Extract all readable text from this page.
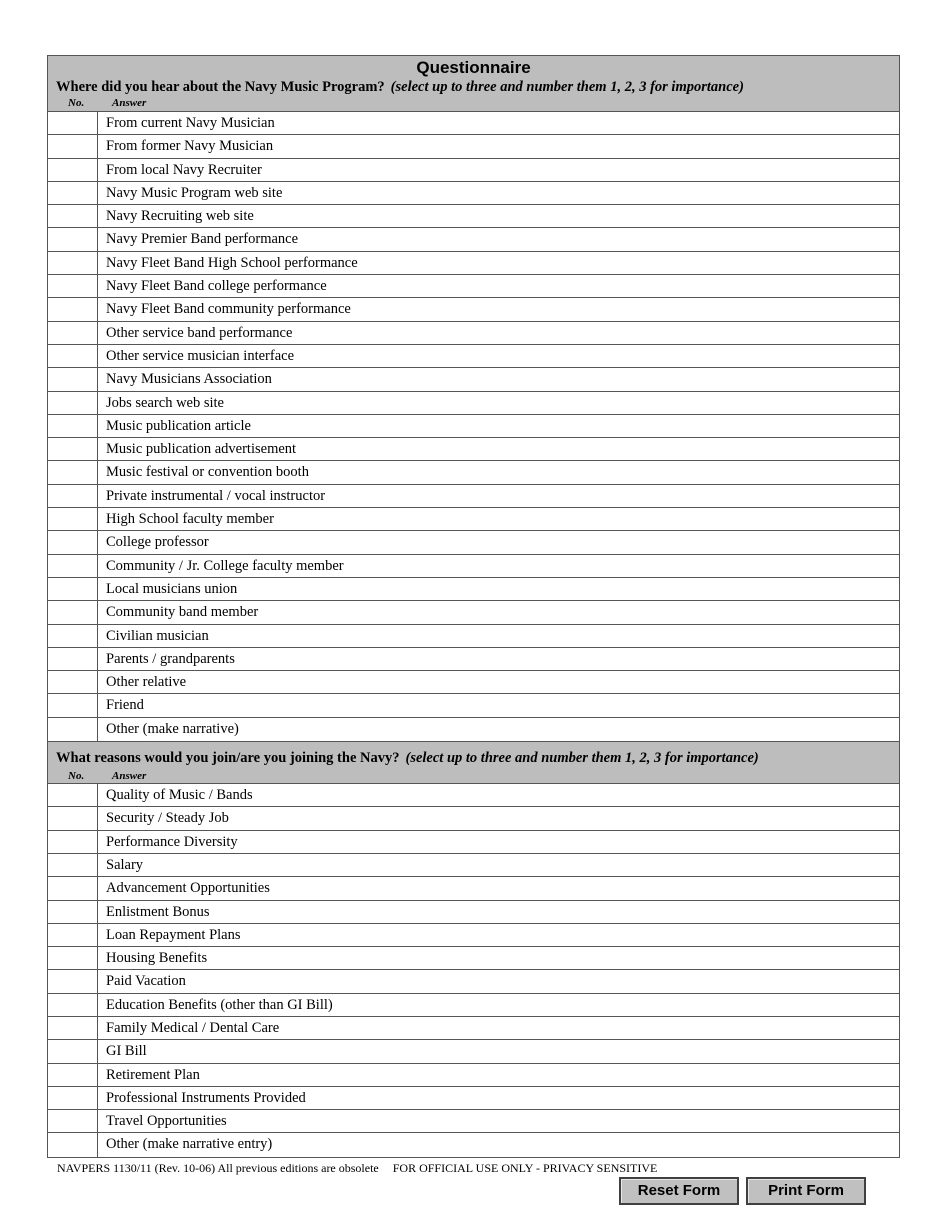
Questionnaire
Where did you hear about the Navy Music Program? (select up to three and number them 1, 2, 3 for importance)
No.	Answer
From current Navy Musician
From former Navy Musician
From local Navy Recruiter
Navy Music Program web site
Navy Recruiting web site
Navy Premier Band performance
Navy Fleet Band High School performance
Navy Fleet Band college performance
Navy Fleet Band community performance
Other service band performance
Other service musician interface
Navy Musicians Association
Jobs search web site
Music publication article
Music publication advertisement
Music festival or convention booth
Private instrumental / vocal instructor
High School faculty member
College professor
Community / Jr. College faculty member
Local musicians union
Community band member
Civilian musician
Parents / grandparents
Other relative
Friend
Other (make narrative)
What reasons would you join/are you joining the Navy? (select up to three and number them 1, 2, 3 for importance)
No.	Answer
Quality of Music / Bands
Security / Steady Job
Performance Diversity
Salary
Advancement Opportunities
Enlistment Bonus
Loan Repayment Plans
Housing Benefits
Paid Vacation
Education Benefits (other than GI Bill)
Family Medical / Dental Care
GI Bill
Retirement Plan
Professional Instruments Provided
Travel Opportunities
Other (make narrative entry)
NAVPERS 1130/11 (Rev. 10-06) All previous editions are obsolete FOR OFFICIAL USE ONLY - PRIVACY SENSITIVE
Reset Form	Print Form
